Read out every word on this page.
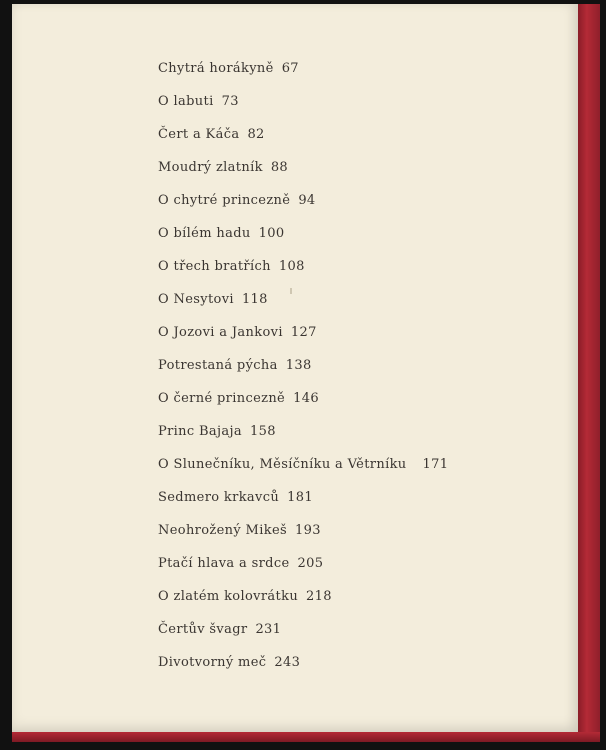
Chytrá horákyně 67
O labuti 73
Čert a Káča 82
Moudrý zlatník 88
O chytré princezně 94
O bílém hadu 100
O třech bratřích 108
O Nesytovi 118
O Jozovi a Jankovi 127
Potrestaná pýcha 138
O černé princezně 146
Princ Bajaja 158
O Slunečníku, Měsíčníku a Větrníku 171
Sedmero krkavců 181
Neohrožený Mikeš 193
Ptačí hlava a srdce 205
O zlatém kolovrátku 218
Čertův švagr 231
Divotvorný meč 243
